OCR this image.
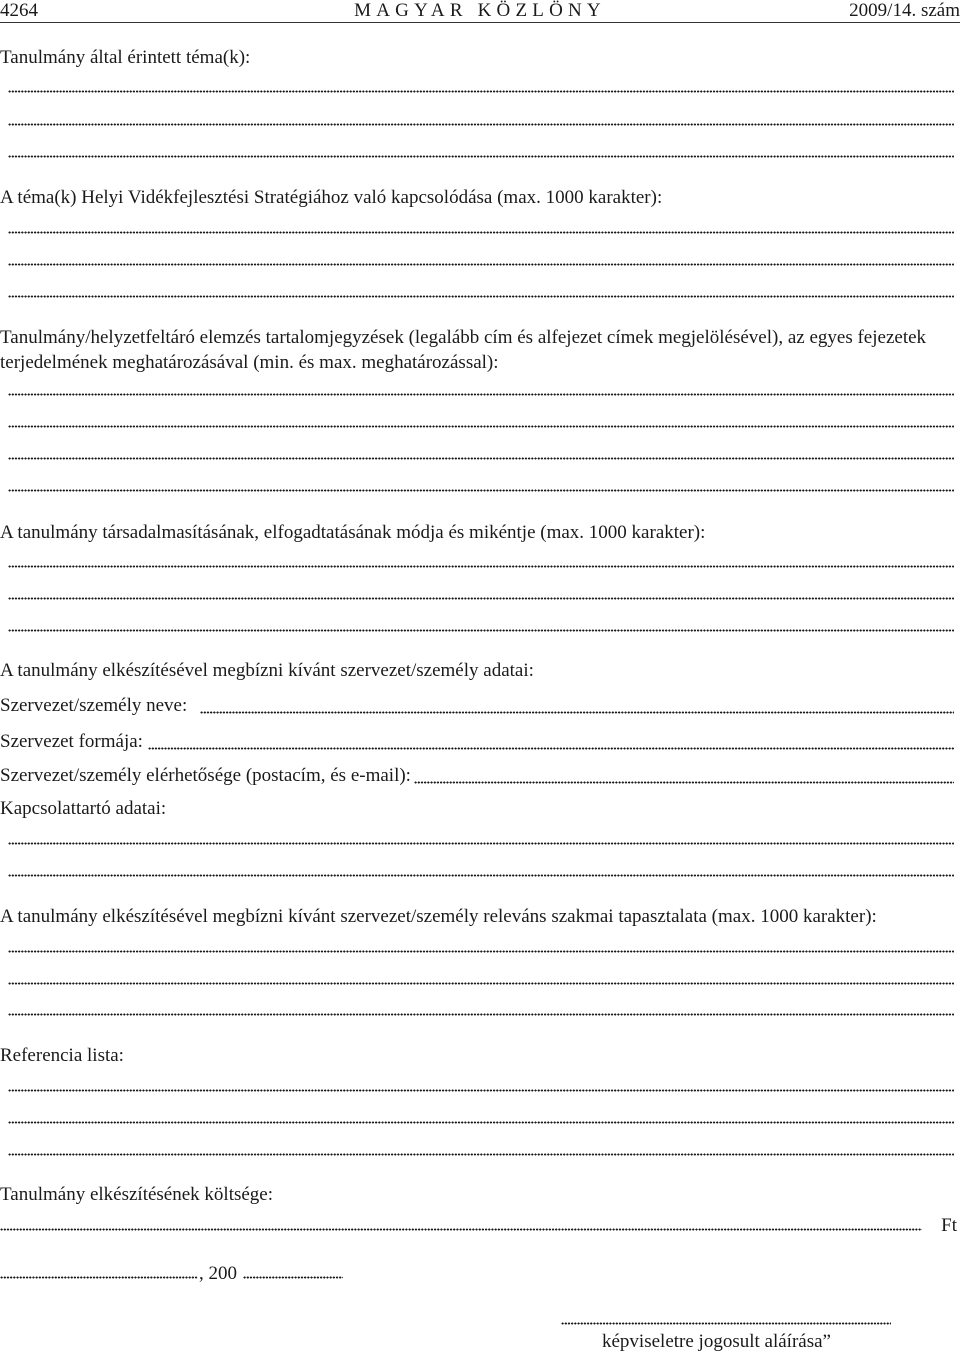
4264	MAGYAR KÖZLÖNY	2009/14. szám
Tanulmány által érintett téma(k):
A téma(k) Helyi Vidékfejlesztési Stratégiához való kapcsolódása (max. 1000 karakter):
Tanulmány/helyzetfeltáró elemzés tartalomjegyzések (legalább cím és alfejezet címek megjelölésével), az egyes fejezetek terjedelmének meghatározásával (min. és max. meghatározással):
A tanulmány társadalmasításának, elfogadtatásának módja és mikéntje (max. 1000 karakter):
A tanulmány elkészítésével megbízni kívánt szervezet/személy adatai:
Szervezet/személy neve:
Szervezet formája:
Szervezet/személy elérhetősége (postacím, és e-mail):
Kapcsolattartó adatai:
A tanulmány elkészítésével megbízni kívánt szervezet/személy releváns szakmai tapasztalata (max. 1000 karakter):
Referencia lista:
Tanulmány elkészítésének költsége:
Ft
, 200
képviseletre jogosult aláírása”
